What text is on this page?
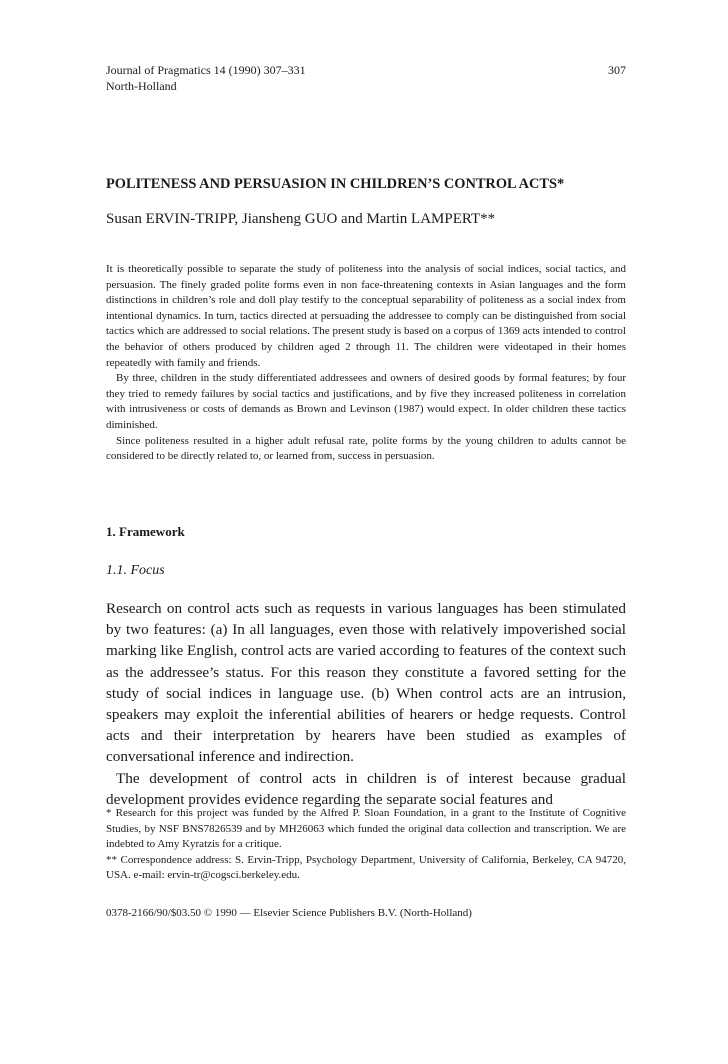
Journal of Pragmatics 14 (1990) 307–331
North-Holland
307
POLITENESS AND PERSUASION IN CHILDREN’S CONTROL ACTS*
Susan ERVIN-TRIPP, Jiansheng GUO and Martin LAMPERT**

It is theoretically possible to separate the study of politeness into the analysis of social indices, social tactics, and persuasion. The finely graded polite forms even in non face-threatening contexts in Asian languages and the form distinctions in children’s role and doll play testify to the conceptual separability of politeness as a social index from intentional dynamics. In turn, tactics directed at persuading the addressee to comply can be distinguished from social tactics which are addressed to social relations. The present study is based on a corpus of 1369 acts intended to control the behavior of others produced by children aged 2 through 11. The children were videotaped in their homes repeatedly with family and friends.

By three, children in the study differentiated addressees and owners of desired goods by formal features; by four they tried to remedy failures by social tactics and justifications, and by five they increased politeness in correlation with intrusiveness or costs of demands as Brown and Levinson (1987) would expect. In older children these tactics diminished.

Since politeness resulted in a higher adult refusal rate, polite forms by the young children to adults cannot be considered to be directly related to, or learned from, success in persuasion.

1. Framework
1.1. Focus

Research on control acts such as requests in various languages has been stimulated by two features: (a) In all languages, even those with relatively impoverished social marking like English, control acts are varied according to features of the context such as the addressee’s status. For this reason they constitute a favored setting for the study of social indices in language use. (b) When control acts are an intrusion, speakers may exploit the inferential abilities of hearers or hedge requests. Control acts and their interpretation by hearers have been studied as examples of conversational inference and indirection.

The development of control acts in children is of interest because gradual development provides evidence regarding the separate social features and

* Research for this project was funded by the Alfred P. Sloan Foundation, in a grant to the Institute of Cognitive Studies, by NSF BNS7826539 and by MH26063 which funded the original data collection and transcription. We are indebted to Amy Kyratzis for a critique.

** Correspondence address: S. Ervin-Tripp, Psychology Department, University of California, Berkeley, CA 94720, USA. e-mail: ervin-tr@cogsci.berkeley.edu.

0378-2166/90/$03.50 © 1990 — Elsevier Science Publishers B.V. (North-Holland)
